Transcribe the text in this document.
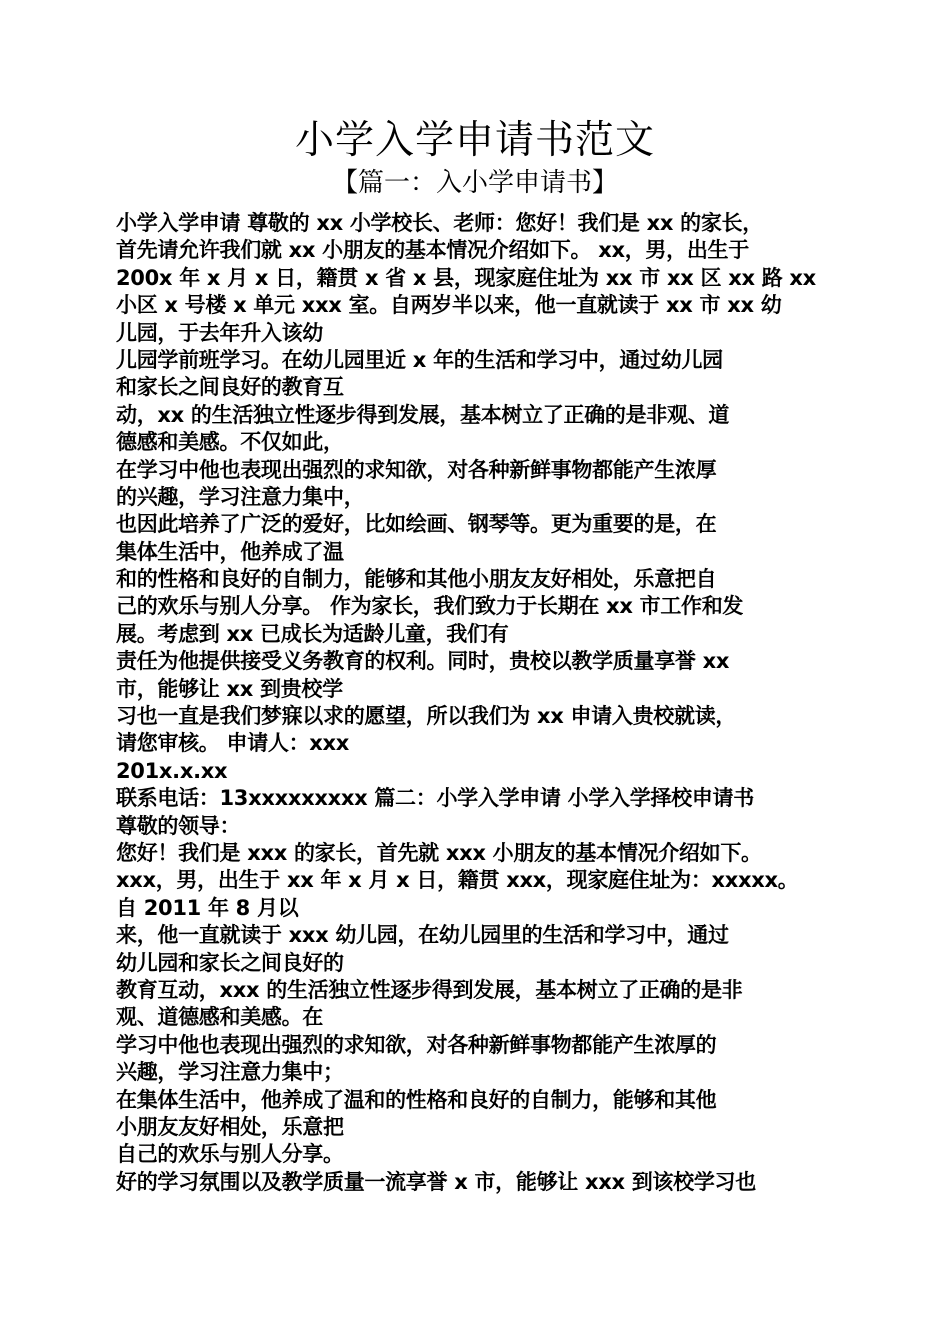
小学入学申请书范文
【篇一：入小学申请书】
小学入学申请 尊敬的 xx 小学校长、老师：您好！我们是 xx 的家长，
首先请允许我们就 xx 小朋友的基本情况介绍如下。 xx，男，出生于
200x 年 x 月 x 日，籍贯 x 省 x 县，现家庭住址为 xx 市 xx 区 xx 路 xx
小区 x 号楼 x 单元 xxx 室。自两岁半以来，他一直就读于 xx 市 xx 幼
儿园，于去年升入该幼
儿园学前班学习。在幼儿园里近 x 年的生活和学习中，通过幼儿园
和家长之间良好的教育互
动，xx 的生活独立性逐步得到发展，基本树立了正确的是非观、道
德感和美感。不仅如此，
在学习中他也表现出强烈的求知欲，对各种新鲜事物都能产生浓厚
的兴趣，学习注意力集中，
也因此培养了广泛的爱好，比如绘画、钢琴等。更为重要的是，在
集体生活中，他养成了温
和的性格和良好的自制力，能够和其他小朋友友好相处，乐意把自
己的欢乐与别人分享。 作为家长，我们致力于长期在 xx 市工作和发
展。考虑到 xx 已成长为适龄儿童，我们有
责任为他提供接受义务教育的权利。同时，贵校以教学质量享誉 xx
市，能够让 xx 到贵校学
习也一直是我们梦寐以求的愿望，所以我们为 xx 申请入贵校就读，
请您审核。 申请人：xxx
201x.x.xx
联系电话：13xxxxxxxxx 篇二：小学入学申请 小学入学择校申请书
尊敬的领导：
您好！我们是 xxx 的家长，首先就 xxx 小朋友的基本情况介绍如下。
xxx，男，出生于 xx 年 x 月 x 日，籍贯 xxx，现家庭住址为：xxxxx。
自 2011 年 8 月以
来，他一直就读于 xxx 幼儿园，在幼儿园里的生活和学习中，通过
幼儿园和家长之间良好的
教育互动，xxx 的生活独立性逐步得到发展，基本树立了正确的是非
观、道德感和美感。在
学习中他也表现出强烈的求知欲，对各种新鲜事物都能产生浓厚的
兴趣，学习注意力集中；
在集体生活中，他养成了温和的性格和良好的自制力，能够和其他
小朋友友好相处，乐意把
自己的欢乐与别人分享。
好的学习氛围以及教学质量一流享誉 x 市，能够让 xxx 到该校学习也
